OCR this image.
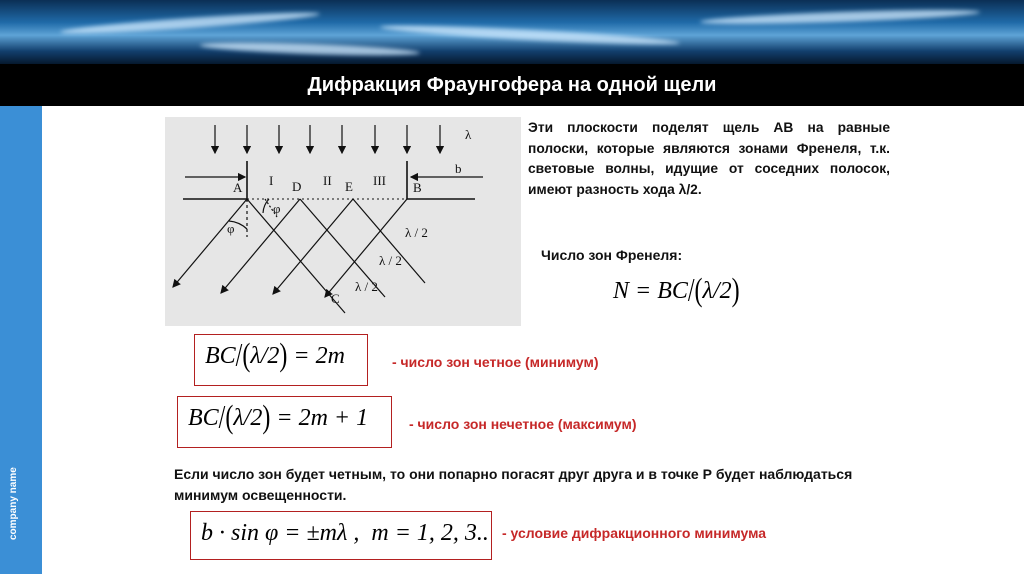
Дифракция Фраунгофера на одной щели
company name
λ
b
A I D II E III B
φ
φ	λ / 2
λ / 2
λ / 2
C
Эти плоскости поделят щель АВ на равные полоски, которые являются зонами Френеля, т.к. световые волны, идущие от соседних полосок, имеют разность хода λ/2.
Число зон Френеля:
N = BC/(λ/2)
BC/(λ/2) = 2m	- число зон четное (минимум)
BC/(λ/2) = 2m + 1	- число зон нечетное (максимум)
Если число зон будет четным, то они попарно погасят друг друга и в точке Р будет наблюдаться минимум освещенности.
b · sin φ = ±mλ ,  m = 1, 2, 3.. - условие дифракционного минимума
